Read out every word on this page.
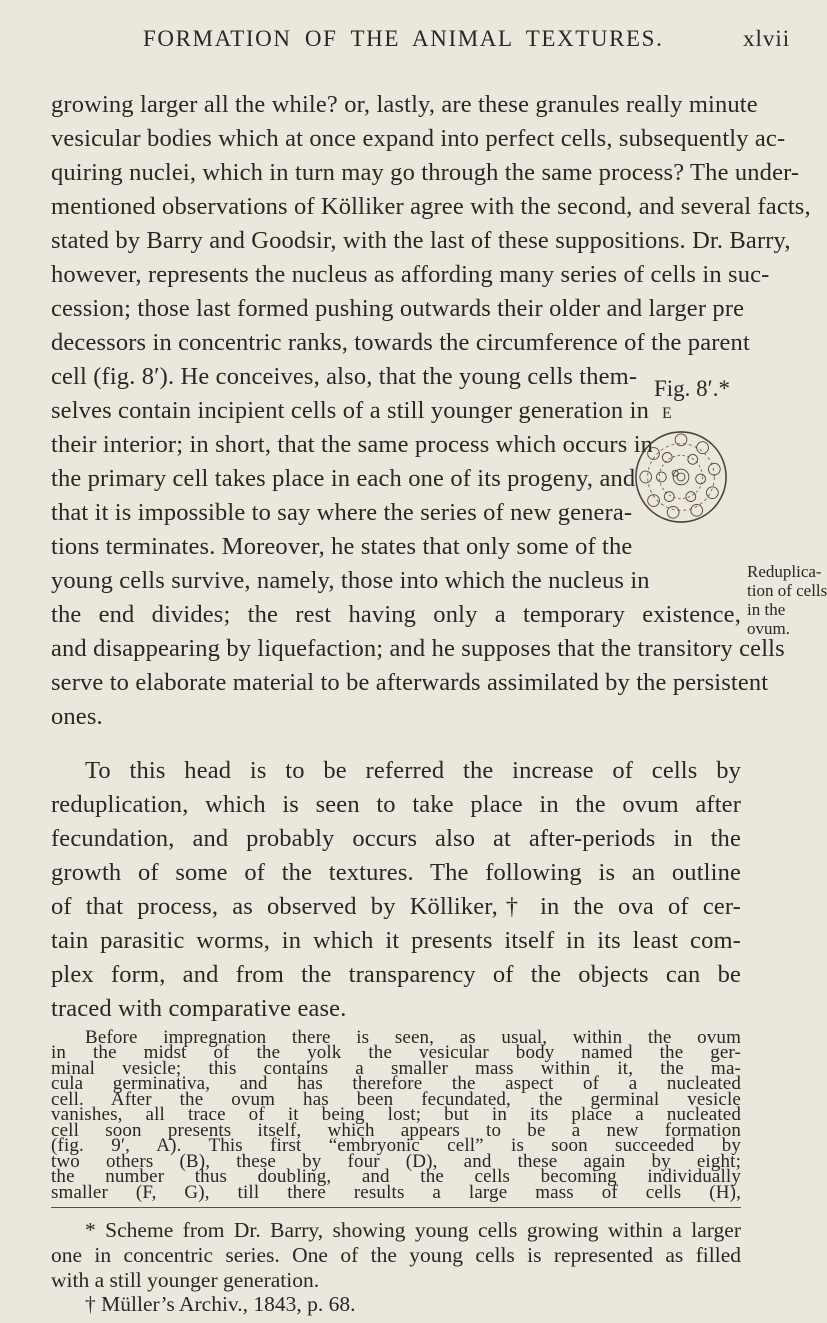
FORMATION OF THE ANIMAL TEXTURES.	xlvii
growing larger all the while? or, lastly, are these granules really minute
vesicular bodies which at once expand into perfect cells, subsequently ac-
quiring nuclei, which in turn may go through the same process? The under-
mentioned observations of Kölliker agree with the second, and several facts,
stated by Barry and Goodsir, with the last of these suppositions. Dr. Barry,
however, represents the nucleus as affording many series of cells in suc-
cession; those last formed pushing outwards their older and larger pre
decessors in concentric ranks, towards the circumference of the parent
cell (fig. 8′). He conceives, also, that the young cells them-
selves contain incipient cells of a still younger generation in
their interior; in short, that the same process which occurs in
the primary cell takes place in each one of its progeny, and
that it is impossible to say where the series of new genera-
tions terminates. Moreover, he states that only some of the
young cells survive, namely, those into which the nucleus in
the end divides; the rest having only a temporary existence,
and disappearing by liquefaction; and he supposes that the transitory cells
serve to elaborate material to be afterwards assimilated by the persistent
ones.
To this head is to be referred the increase of cells by
reduplication, which is seen to take place in the ovum after
fecundation, and probably occurs also at after-periods in the
growth of some of the textures. The following is an outline
of that process, as observed by Kölliker,† in the ova of cer-
tain parasitic worms, in which it presents itself in its least com-
plex form, and from the transparency of the objects can be
traced with comparative ease.
Fig. 8′.*
E
Reduplica-
tion of cells
in the
ovum.
* Scheme from Dr. Barry, showing young cells growing within a larger
one in concentric series. One of the young cells is represented as filled
with a still younger generation.
† Müller’s Archiv., 1843, p. 68.
Before impregnation there is seen, as usual, within the ovum
in the midst of the yolk the vesicular body named the ger-
minal vesicle; this contains a smaller mass within it, the ma-
cula germinativa, and has therefore the aspect of a nucleated
cell. After the ovum has been fecundated, the germinal vesicle
vanishes, all trace of it being lost; but in its place a nucleated
cell soon presents itself, which appears to be a new formation
(fig. 9′, A). This first “embryonic cell” is soon succeeded by
two others (B), these by four (D), and these again by eight;
the number thus doubling, and the cells becoming individually
smaller (F, G), till there results a large mass of cells (H),
